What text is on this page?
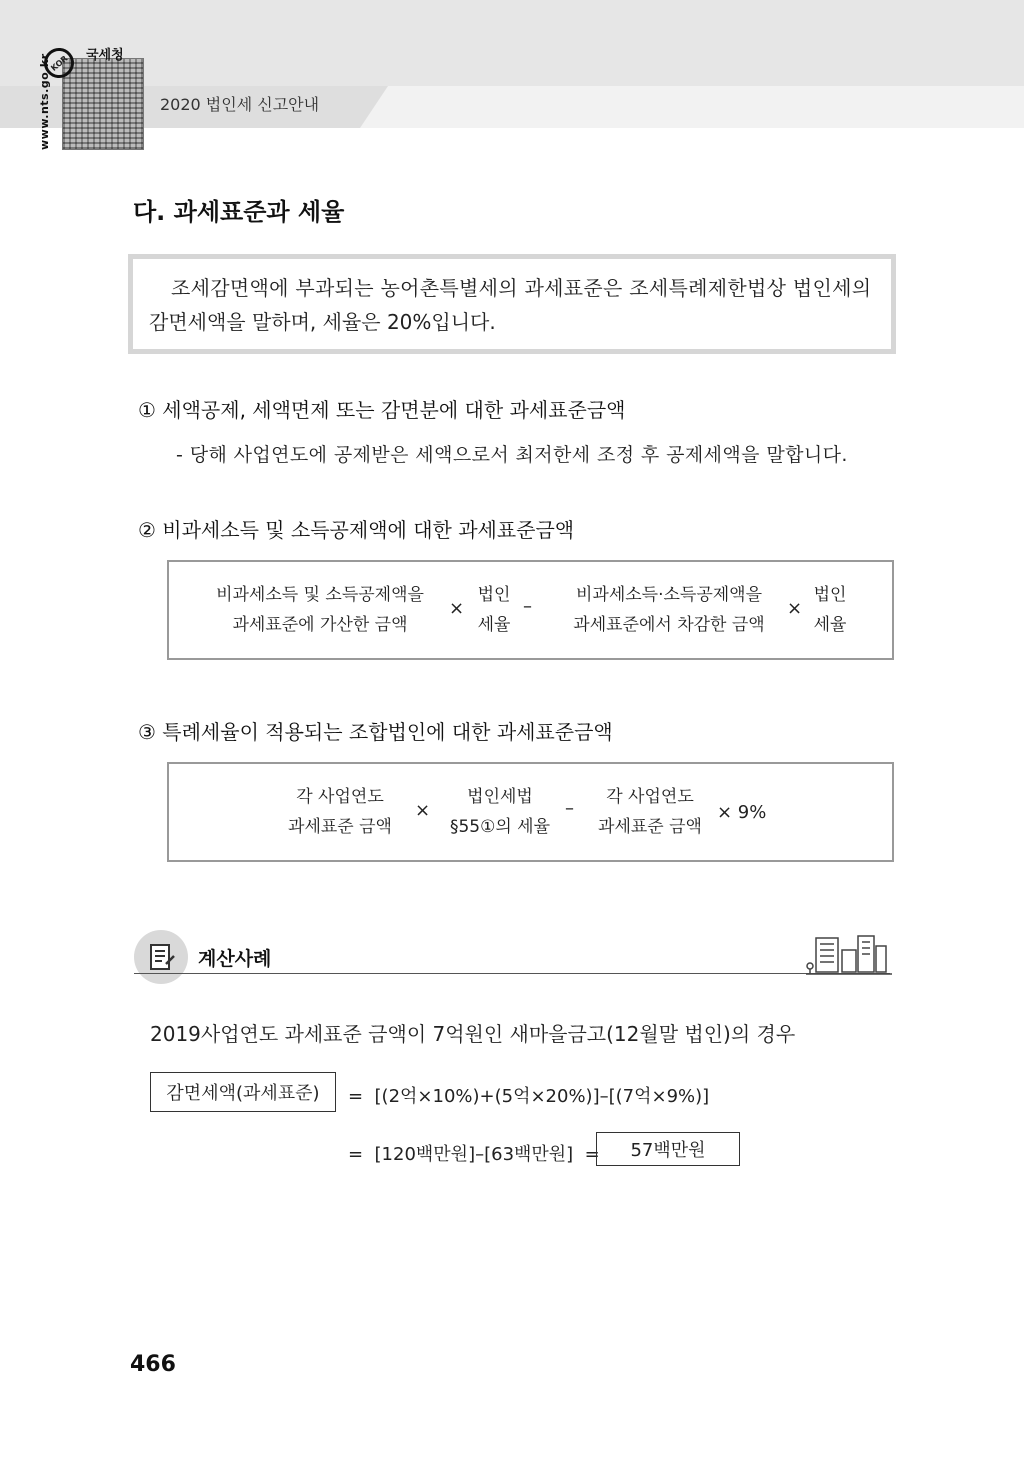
KOR	국세청
www.nts.go.kr	2020 법인세 신고안내
다. 과세표준과 세율
조세감면액에 부과되는 농어촌특별세의 과세표준은 조세특례제한법상 법인세의
감면세액을 말하며, 세율은 20%입니다.
① 세액공제, 세액면제 또는 감면분에 대한 과세표준금액
- 당해 사업연도에 공제받은 세액으로서 최저한세 조정 후 공제세액을 말합니다.
② 비과세소득 및 소득공제액에 대한 과세표준금액
비과세소득 및 소득공제액을
과세표준에 가산한 금액
×
법인
세율
–
비과세소득·소득공제액을
과세표준에서 차감한 금액
×
법인
세율
③ 특례세율이 적용되는 조합법인에 대한 과세표준금액
각 사업연도
과세표준 금액
×
법인세법
§55①의 세율
–
각 사업연도
과세표준 금액
× 9%
계산사례
2019사업연도 과세표준 금액이 7억원인 새마을금고(12월말 법인)의 경우
감면세액(과세표준)	=  [(2억×10%)+(5억×20%)]–[(7억×9%)]
=  [120백만원]–[63백만원]  =	57백만원
466
